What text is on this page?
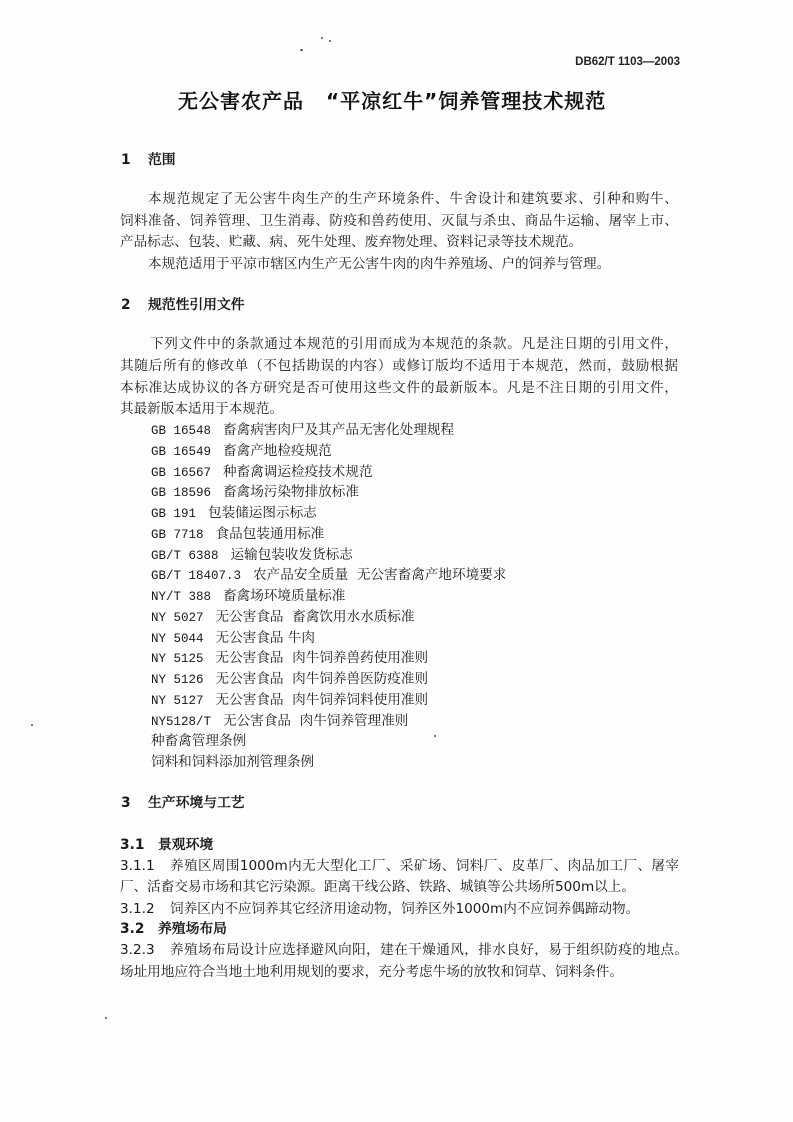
DB62/T 1103—2003
无公害农产品 “平凉红牛”饲养管理技术规范
1 范围
本规范规定了无公害牛肉生产的生产环境条件、牛舍设计和建筑要求、引种和购牛、
饲料准备、饲养管理、卫生消毒、防疫和兽药使用、灭鼠与杀虫、商品牛运输、屠宰上市、
产品标志、包装、贮藏、病、死牛处理、废弃物处理、资料记录等技术规范。
本规范适用于平凉市辖区内生产无公害牛肉的肉牛养殖场、户的饲养与管理。
2 规范性引用文件
下列文件中的条款通过本规范的引用而成为本规范的条款。凡是注日期的引用文件，
其随后所有的修改单（不包括勘误的内容）或修订版均不适用于本规范，然而，鼓励根据
本标准达成协议的各方研究是否可使用这些文件的最新版本。凡是不注日期的引用文件，
其最新版本适用于本规范。
GB 16548 畜禽病害肉尸及其产品无害化处理规程
GB 16549 畜禽产地检疫规范
GB 16567 种畜禽调运检疫技术规范
GB 18596 畜禽场污染物排放标准
GB 191 包装储运图示标志
GB 7718 食品包装通用标准
GB/T 6388 运输包装收发货标志
GB/T 18407.3 农产品安全质量  无公害畜禽产地环境要求
NY/T 388 畜禽场环境质量标准
NY 5027 无公害食品  畜禽饮用水水质标准
NY 5044 无公害食品 牛肉
NY 5125 无公害食品  肉牛饲养兽药使用准则
NY 5126 无公害食品  肉牛饲养兽医防疫准则
NY 5127 无公害食品  肉牛饲养饲料使用准则
NY5128/T 无公害食品  肉牛饲养管理准则
种畜禽管理条例
饲料和饲料添加剂管理条例
3 生产环境与工艺
3.1 景观环境
3.1.1 养殖区周围1000m内无大型化工厂、采矿场、饲料厂、皮革厂、肉品加工厂、屠宰
厂、活畜交易市场和其它污染源。距离干线公路、铁路、城镇等公共场所500m以上。
3.1.2 饲养区内不应饲养其它经济用途动物，饲养区外1000m内不应饲养偶蹄动物。
3.2 养殖场布局
3.2.3 养殖场布局设计应选择避风向阳，建在干燥通风，排水良好，易于组织防疫的地点。
场址用地应符合当地土地利用规划的要求，充分考虑牛场的放牧和饲草、饲料条件。
